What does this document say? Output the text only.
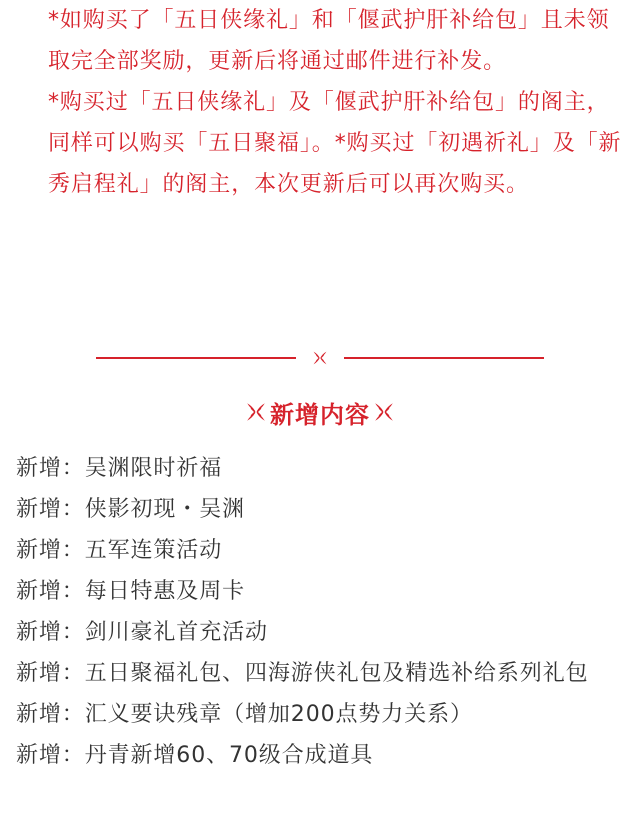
*如购买了「五日侠缘礼」和「偃武护肝补给包」且未领取完全部奖励，更新后将通过邮件进行补发。

*购买过「五日侠缘礼」及「偃武护肝补给包」的阁主，同样可以购买「五日聚福」。*购买过「初遇祈礼」及「新秀启程礼」的阁主，本次更新后可以再次购买。

新增内容
新增：吴渊限时祈福
新增：侠影初现・吴渊
新增：五军连策活动
新增：每日特惠及周卡
新增：剑川豪礼首充活动
新增：五日聚福礼包、四海游侠礼包及精选补给系列礼包
新增：汇义要诀残章（增加200点势力关系）
新增：丹青新增60、70级合成道具
